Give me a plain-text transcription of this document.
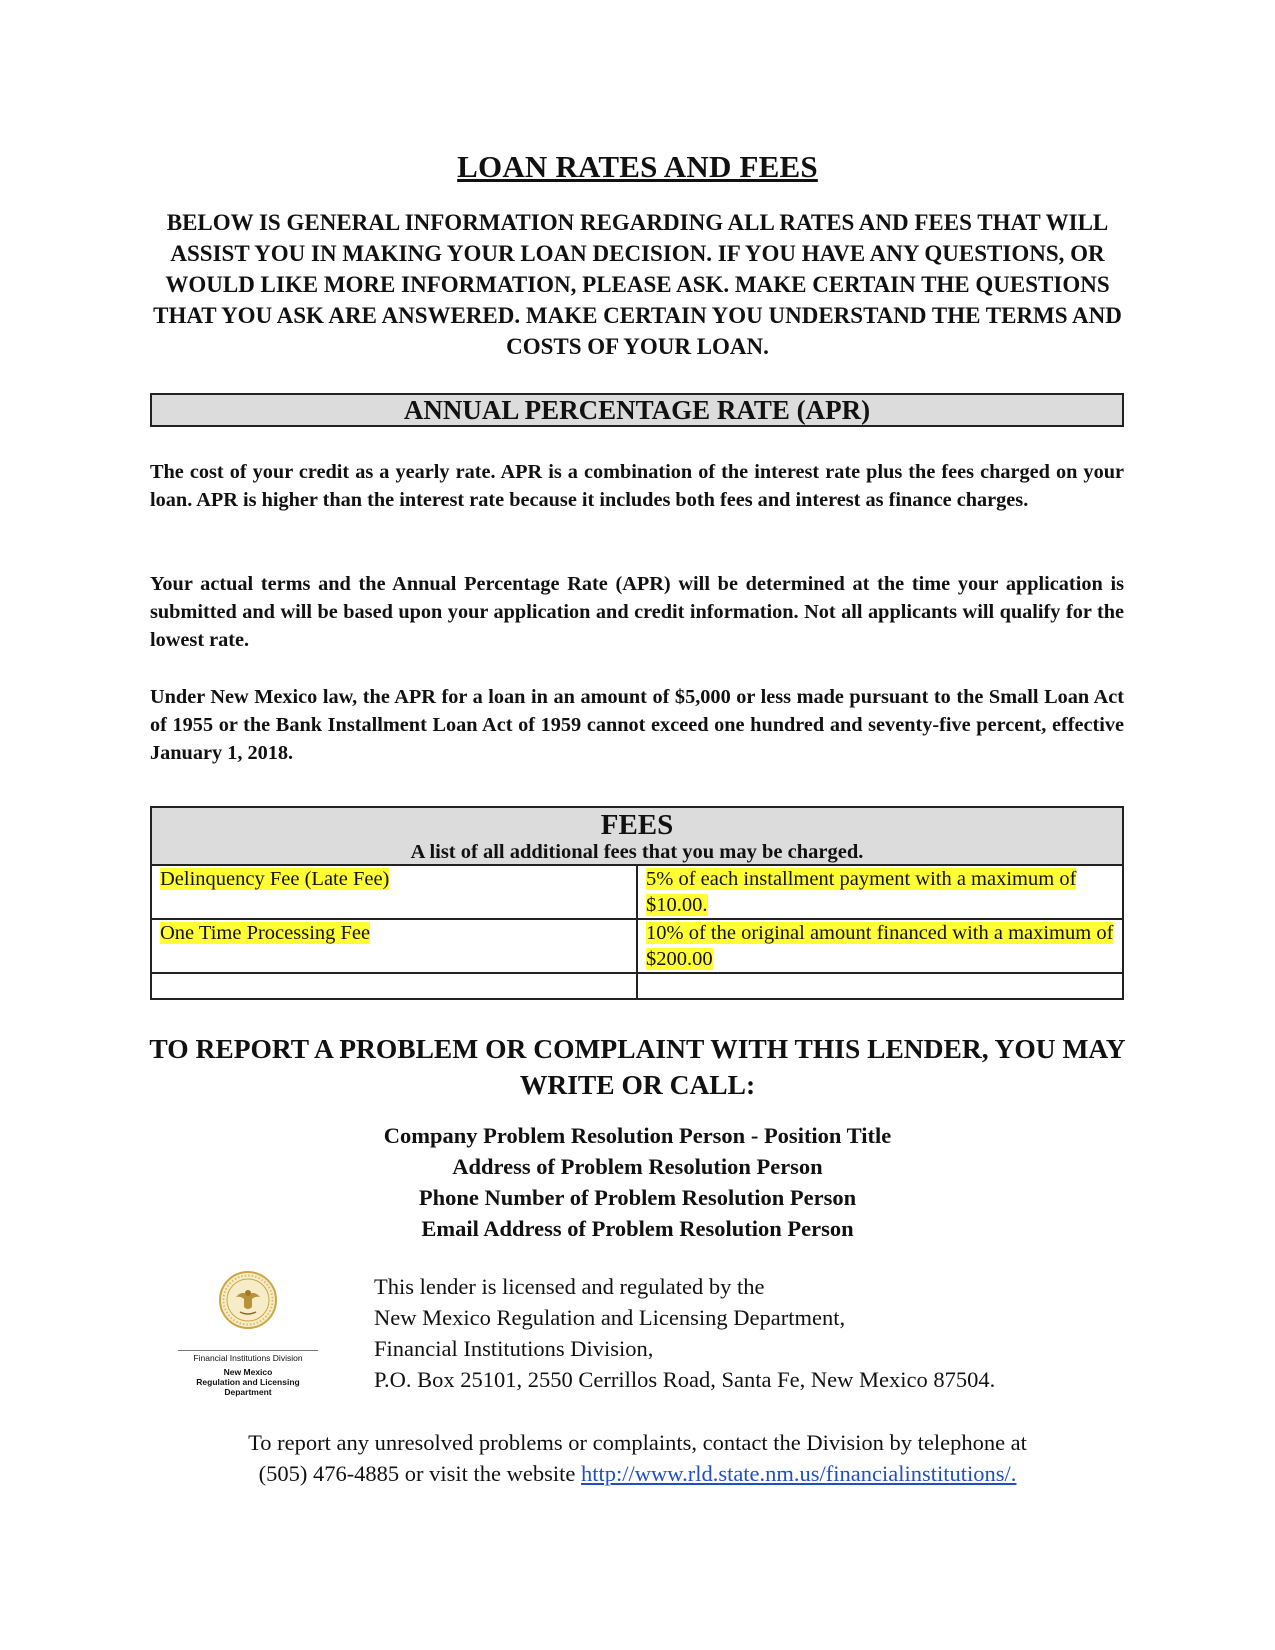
LOAN RATES AND FEES
BELOW IS GENERAL INFORMATION REGARDING ALL RATES AND FEES THAT WILL ASSIST YOU IN MAKING YOUR LOAN DECISION. IF YOU HAVE ANY QUESTIONS, OR WOULD LIKE MORE INFORMATION, PLEASE ASK. MAKE CERTAIN THE QUESTIONS THAT YOU ASK ARE ANSWERED. MAKE CERTAIN YOU UNDERSTAND THE TERMS AND COSTS OF YOUR LOAN.
ANNUAL PERCENTAGE RATE (APR)
The cost of your credit as a yearly rate. APR is a combination of the interest rate plus the fees charged on your loan. APR is higher than the interest rate because it includes both fees and interest as finance charges.
Your actual terms and the Annual Percentage Rate (APR) will be determined at the time your application is submitted and will be based upon your application and credit information. Not all applicants will qualify for the lowest rate.
Under New Mexico law, the APR for a loan in an amount of $5,000 or less made pursuant to the Small Loan Act of 1955 or the Bank Installment Loan Act of 1959 cannot exceed one hundred and seventy-five percent, effective January 1, 2018.
FEES
A list of all additional fees that you may be charged.	

Delinquency Fee (Late Fee)	5% of each installment payment with a maximum of $10.00.
One Time Processing Fee	10% of the original amount financed with a maximum of $200.00

TO REPORT A PROBLEM OR COMPLAINT WITH THIS LENDER, YOU MAY WRITE OR CALL:
Company Problem Resolution Person - Position Title
Address of Problem Resolution Person
Phone Number of Problem Resolution Person
Email Address of Problem Resolution Person
Financial Institutions Division
New Mexico
Regulation and Licensing
Department
This lender is licensed and regulated by the
New Mexico Regulation and Licensing Department,
Financial Institutions Division,
P.O. Box 25101, 2550 Cerrillos Road, Santa Fe, New Mexico 87504.
To report any unresolved problems or complaints, contact the Division by telephone at
(505) 476-4885 or visit the website http://www.rld.state.nm.us/financialinstitutions/.
